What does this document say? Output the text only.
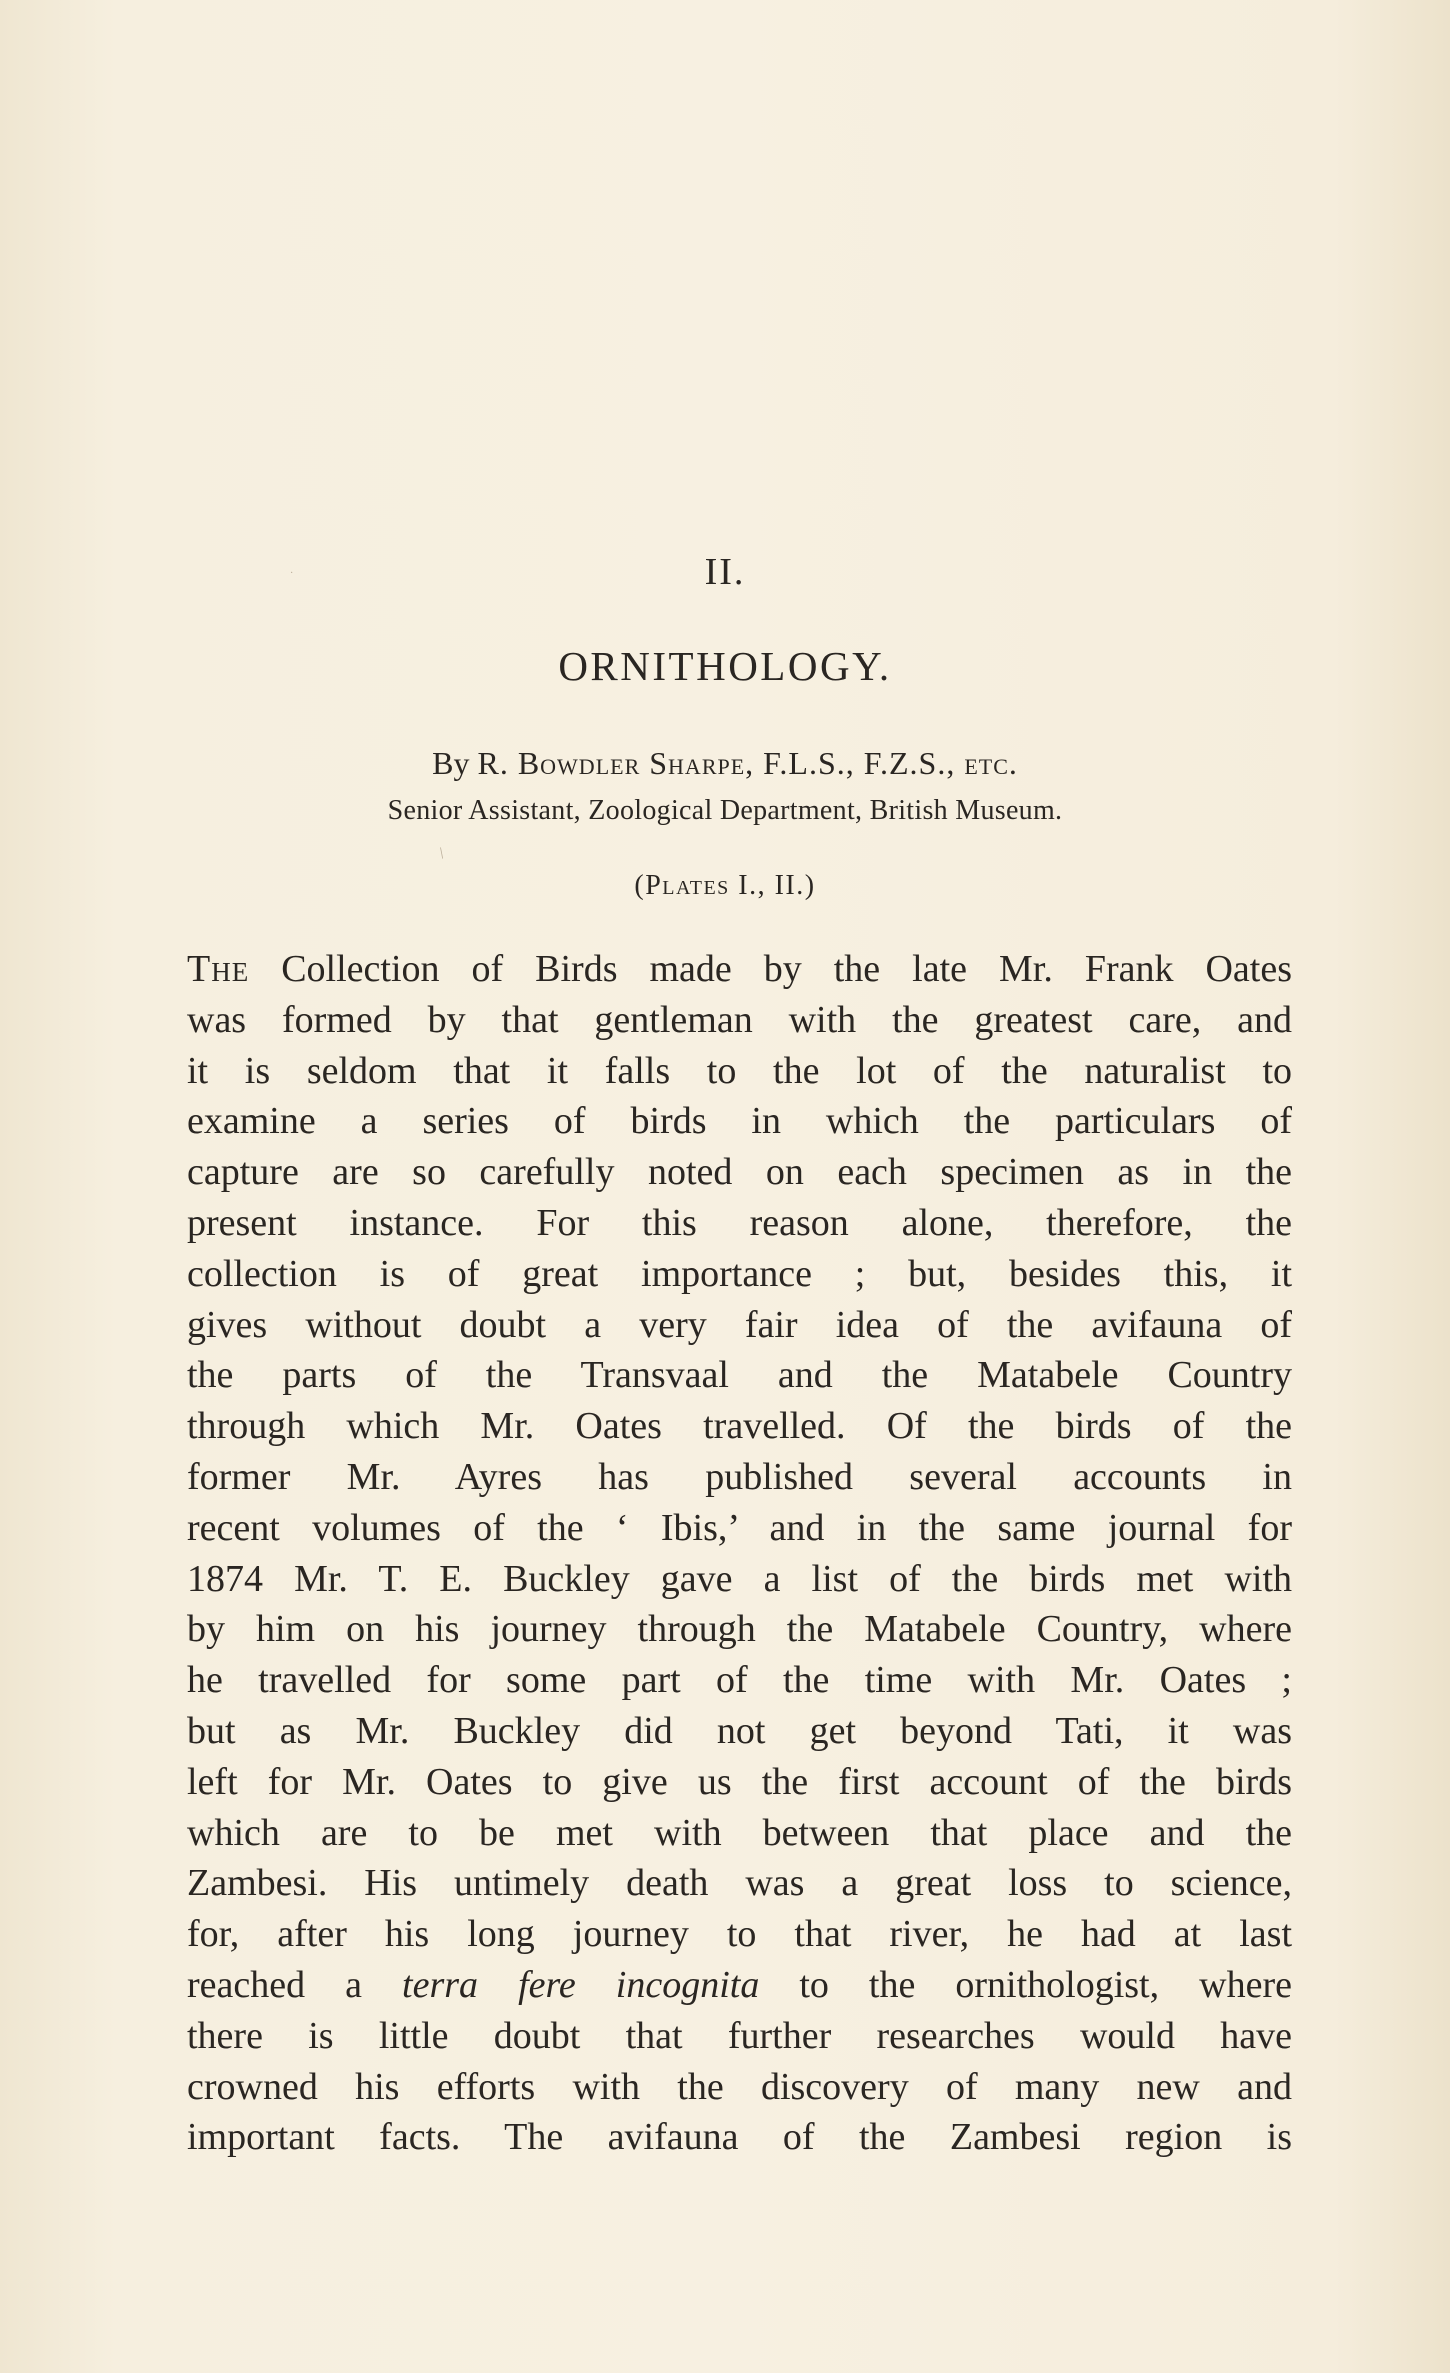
·
/
II.
ORNITHOLOGY.
By R. Bowdler Sharpe, F.L.S., F.Z.S., etc.
Senior Assistant, Zoological Department, British Museum.
(Plates I., II.)
The Collection of Birds made by the late Mr. Frank Oates
was formed by that gentleman with the greatest care, and
it is seldom that it falls to the lot of the naturalist to
examine a series of birds in which the particulars of
capture are so carefully noted on each specimen as in the
present instance. For this reason alone, therefore, the
collection is of great importance ; but, besides this, it
gives without doubt a very fair idea of the avifauna of
the parts of the Transvaal and the Matabele Country
through which Mr. Oates travelled. Of the birds of the
former Mr. Ayres has published several accounts in
recent volumes of the ‘ Ibis,’ and in the same journal for
1874 Mr. T. E. Buckley gave a list of the birds met with
by him on his journey through the Matabele Country, where
he travelled for some part of the time with Mr. Oates ;
but as Mr. Buckley did not get beyond Tati, it was
left for Mr. Oates to give us the first account of the birds
which are to be met with between that place and the
Zambesi. His untimely death was a great loss to science,
for, after his long journey to that river, he had at last
reached a terra fere incognita to the ornithologist, where
there is little doubt that further researches would have
crowned his efforts with the discovery of many new and
important facts. The avifauna of the Zambesi region is
